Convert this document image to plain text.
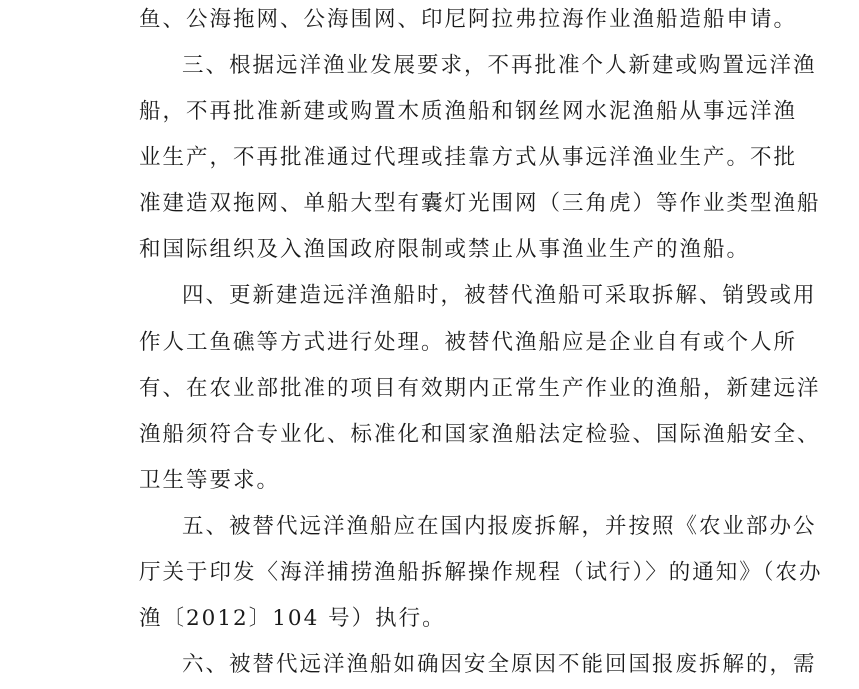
鱼、公海拖网、公海围网、印尼阿拉弗拉海作业渔船造船申请。
三、根据远洋渔业发展要求，不再批准个人新建或购置远洋渔
船，不再批准新建或购置木质渔船和钢丝网水泥渔船从事远洋渔
业生产，不再批准通过代理或挂靠方式从事远洋渔业生产。不批
准建造双拖网、单船大型有囊灯光围网（三角虎）等作业类型渔船
和国际组织及入渔国政府限制或禁止从事渔业生产的渔船。
四、更新建造远洋渔船时，被替代渔船可采取拆解、销毁或用
作人工鱼礁等方式进行处理。被替代渔船应是企业自有或个人所
有、在农业部批准的项目有效期内正常生产作业的渔船，新建远洋
渔船须符合专业化、标准化和国家渔船法定检验、国际渔船安全、
卫生等要求。
五、被替代远洋渔船应在国内报废拆解，并按照《农业部办公
厅关于印发〈海洋捕捞渔船拆解操作规程（试行）〉的通知》（农办
渔〔2012〕104 号）执行。
六、被替代远洋渔船如确因安全原因不能回国报废拆解的，需
